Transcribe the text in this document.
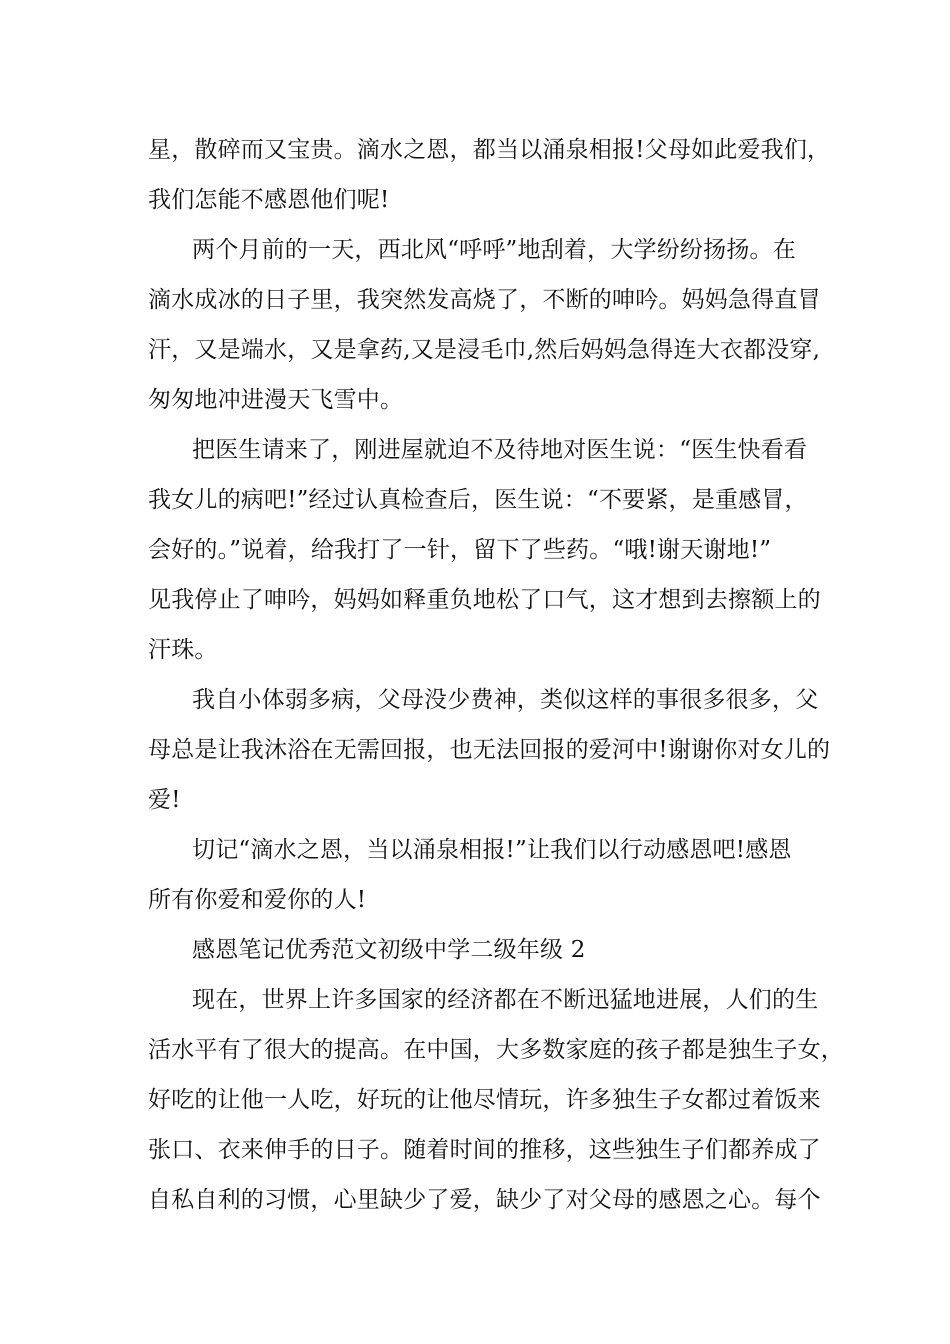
星，散碎而又宝贵。滴水之恩，都当以涌泉相报!父母如此爱我们，
我们怎能不感恩他们呢!
两个月前的一天，西北风“呼呼”地刮着，大学纷纷扬扬。在
滴水成冰的日子里，我突然发高烧了，不断的呻吟。妈妈急得直冒
汗，又是端水，又是拿药,又是浸毛巾,然后妈妈急得连大衣都没穿,
匆匆地冲进漫天飞雪中。
把医生请来了，刚进屋就迫不及待地对医生说：“医生快看看
我女儿的病吧!”经过认真检查后，医生说：“不要紧，是重感冒，
会好的。”说着，给我打了一针，留下了些药。“哦!谢天谢地!”
见我停止了呻吟，妈妈如释重负地松了口气，这才想到去擦额上的
汗珠。
我自小体弱多病，父母没少费神，类似这样的事很多很多，父
母总是让我沐浴在无需回报，也无法回报的爱河中!谢谢你对女儿的
爱!
切记“滴水之恩，当以涌泉相报!”让我们以行动感恩吧!感恩
所有你爱和爱你的人!
感恩笔记优秀范文初级中学二级年级 2
现在，世界上许多国家的经济都在不断迅猛地进展，人们的生
活水平有了很大的提高。在中国，大多数家庭的孩子都是独生子女，
好吃的让他一人吃，好玩的让他尽情玩，许多独生子女都过着饭来
张口、衣来伸手的日子。随着时间的推移，这些独生子们都养成了
自私自利的习惯，心里缺少了爱，缺少了对父母的感恩之心。每个
